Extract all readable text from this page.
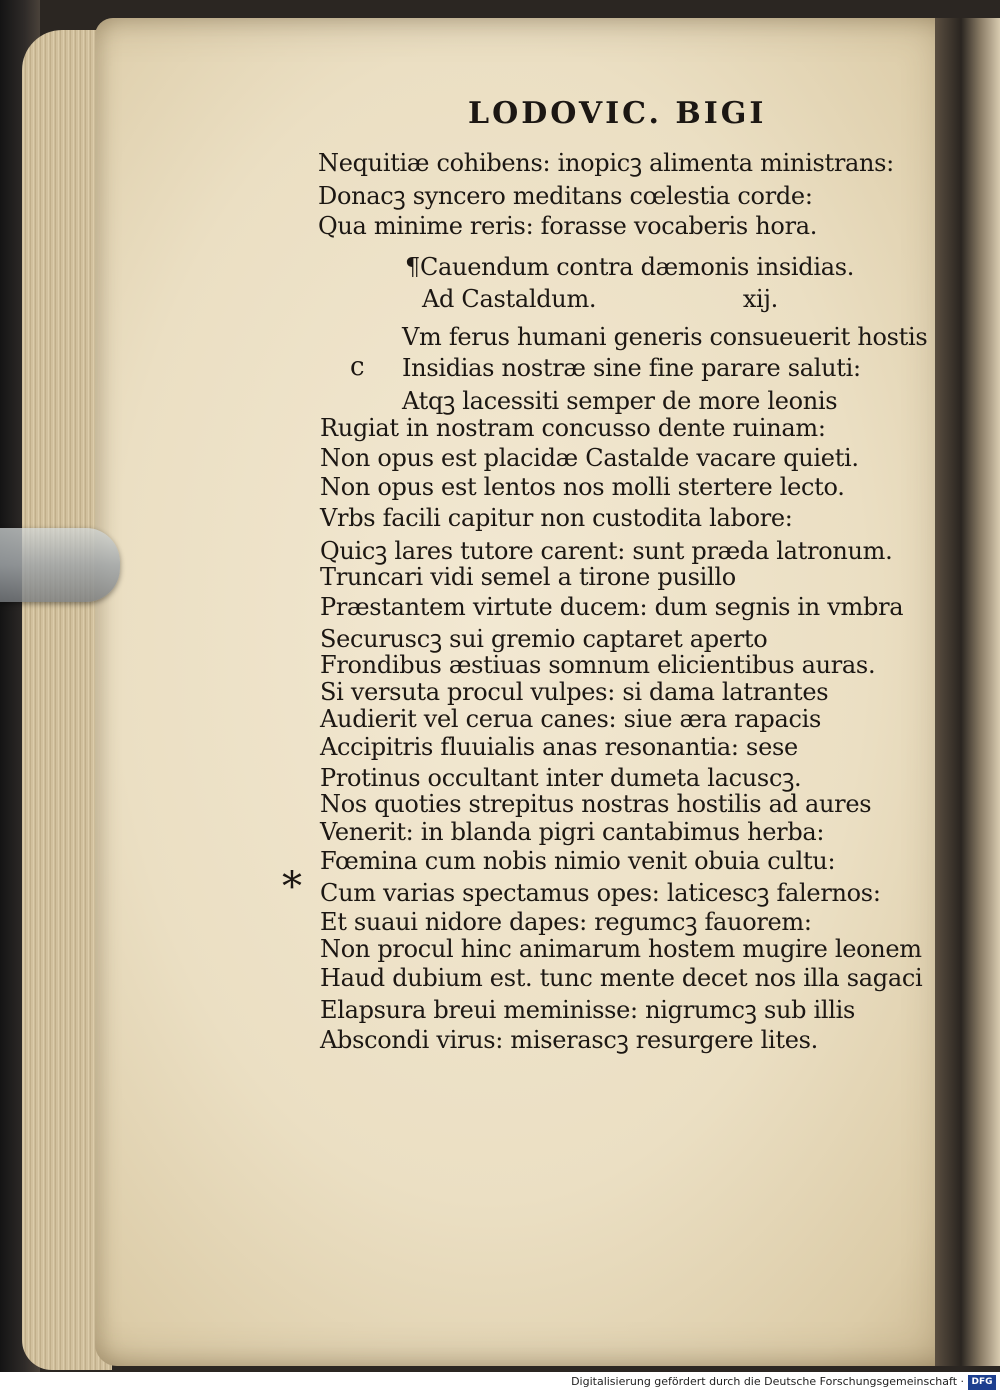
LODOVIC. BIGI
Nequitiæ cohibens: inopicꝫ alimenta ministrans:
Donacꝫ syncero meditans cœlestia corde:
Qua minime reris: forasse vocaberis hora.
¶Cauendum contra dæmonis insidias.
Ad Castaldum.                    xij.
Vm ferus humani generis consueuerit hostis
Insidias nostræ sine fine parare saluti:
Atqꝫ lacessiti semper de more leonis
Rugiat in nostram concusso dente ruinam:
Non opus est placidæ Castalde vacare quieti.
Non opus est lentos nos molli stertere lecto.
Vrbs facili capitur non custodita labore:
Quicꝫ lares tutore carent: sunt præda latronum.
Truncari vidi semel a tirone pusillo
Præstantem virtute ducem: dum segnis in vmbra
Securuscꝫ sui gremio captaret aperto
Frondibus æstiuas somnum elicientibus auras.
Si versuta procul vulpes: si dama latrantes
Audierit vel cerua canes: siue æra rapacis
Accipitris fluuialis anas resonantia: sese
Protinus occultant inter dumeta lacuscꝫ.
Nos quoties strepitus nostras hostilis ad aures
Venerit: in blanda pigri cantabimus herba:
Fœmina cum nobis nimio venit obuia cultu:
Cum varias spectamus opes: laticescꝫ falernos:
Et suaui nidore dapes: regumcꝫ fauorem:
Non procul hinc animarum hostem mugire leonem
Haud dubium est. tunc mente decet nos illa sagaci
Elapsura breui meminisse: nigrumcꝫ sub illis
Abscondi virus: miserascꝫ resurgere lites.
c
*
Digitalisierung gefördert durch die Deutsche Forschungsgemeinschaft · DFG
